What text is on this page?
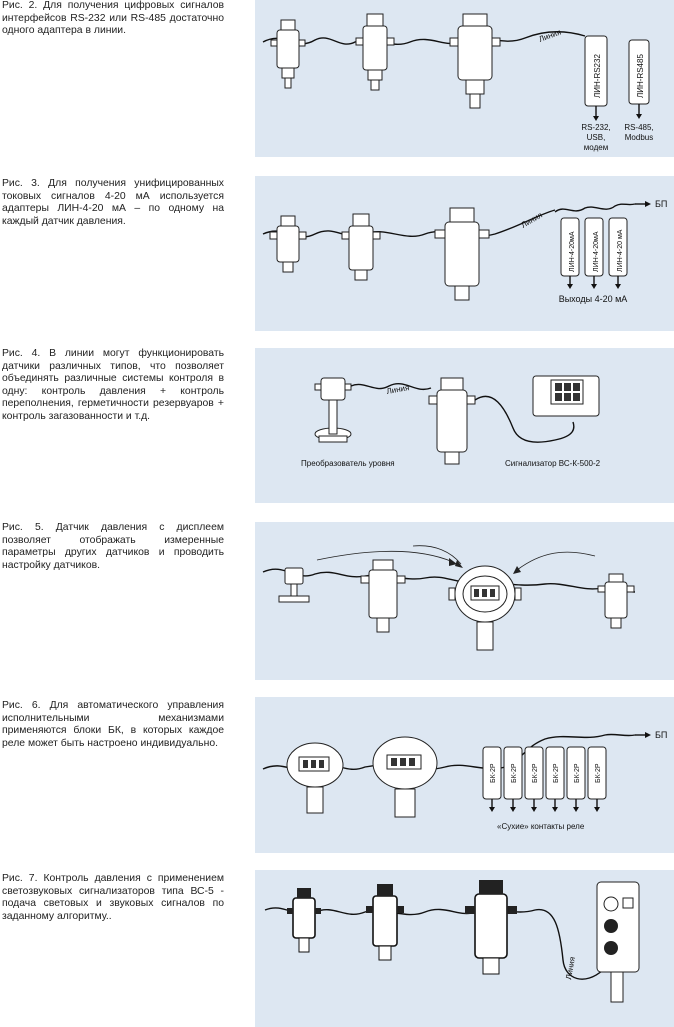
Рис. 2. Для получения цифровых сигналов интерфейсов RS-232 или RS-485 достаточно одного адаптера в линии.	Линия
ЛИН-RS232	ЛИН-RS485
RS-232,
USB,
модем
RS-485,
Modbus

Рис. 3. Для получения унифицированных токовых сигналов 4-20 мА используется адаптеры ЛИН-4-20 мА – по одному на каждый датчик давления.	Линия
БП
ЛИН-4-20мА ЛИН-4-20мА ЛИН-4-20 мА
Выходы 4-20 мА

Рис. 4. В линии могут функционировать датчики различных типов, что позволяет объединять различные системы контроля в одну: контроль давления + контроль переполнения, герметичности резервуаров + контроль загазованности и т.д.

Линия
Преобразователь уровня	Сигнализатор ВС-К-500-2

Рис. 5. Датчик давления с дисплеем позволяет отображать измеренные параметры других датчиков и проводить настройку датчиков.

Рис. 6. Для автоматического управления исполнительными механизмами применяются блоки БК, в которых каждое реле может быть настроено индивидуально.

БП
БК-2Р БК-2Р БК-2Р БК-2Р БК-2Р БК-2Р
«Сухие» контакты реле

Рис. 7. Контроль давления с применением светозвуковых сигнализаторов типа ВС-5 - подача световых и звуковых сигналов по заданному алгоритму..

Линия
